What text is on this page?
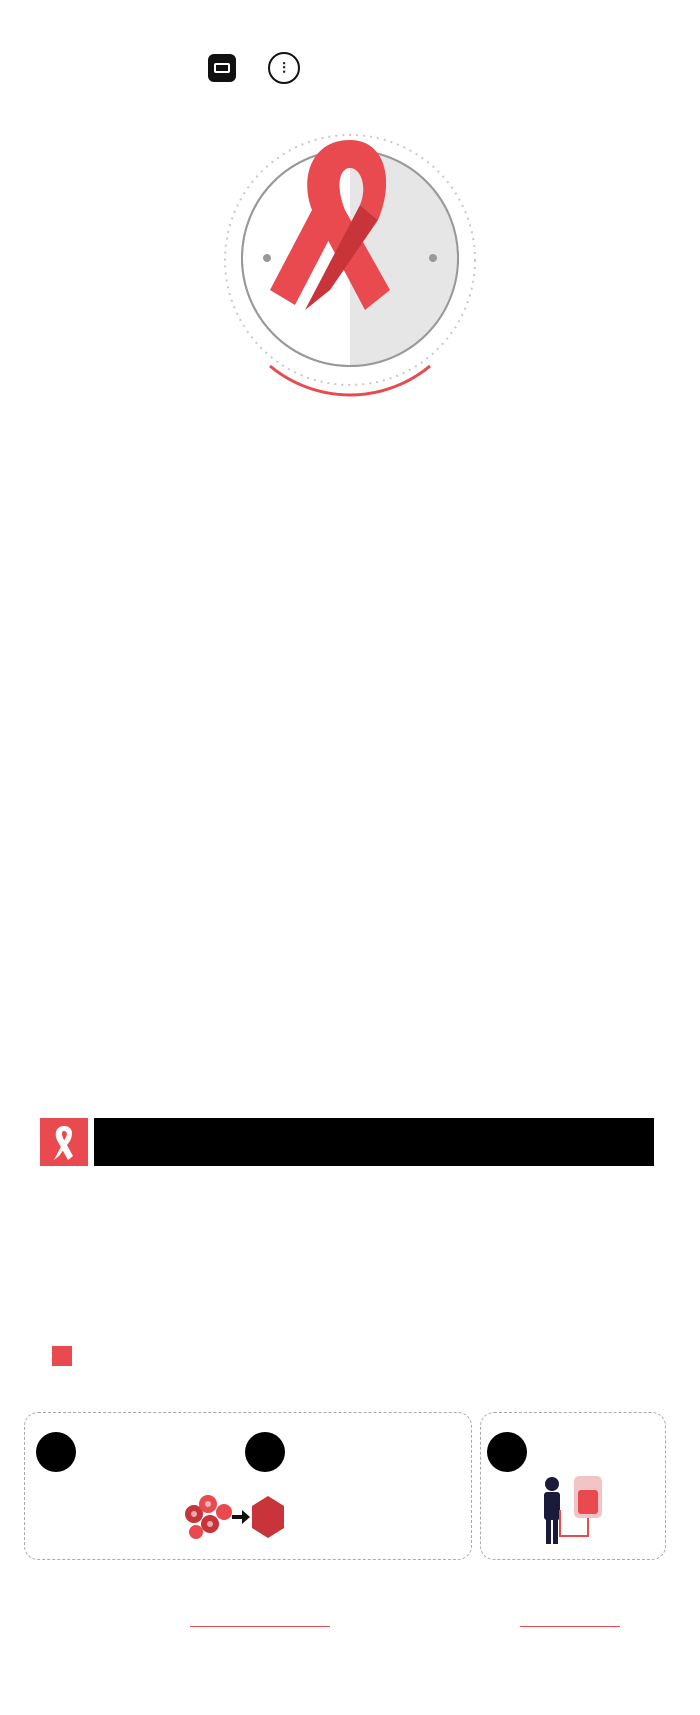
⫶
